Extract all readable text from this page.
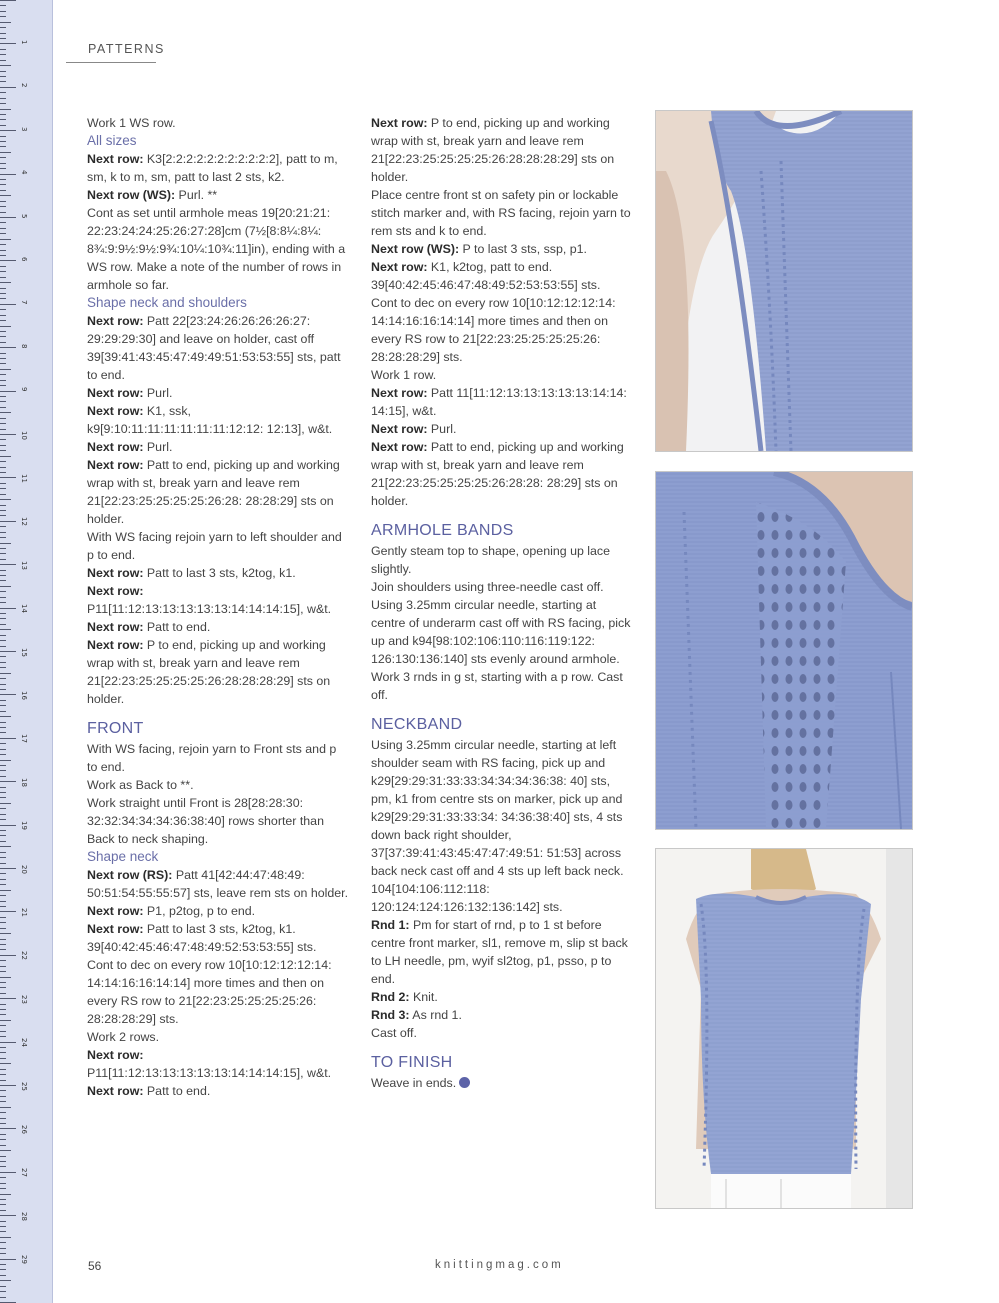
1
2
3
4
5
6
7
8
9
10
11
12
13
14
15
16
17
18
19
20
21
22
23
24
25
26
27
28
29
PATTERNS

Work 1 WS row.

All sizes

Next row: K3[2:2:2:2:2:2:2:2:2:2:2], patt to m, sm, k to m, sm, patt to last 2 sts, k2.

Next row (WS): Purl. **

Cont as set until armhole meas 19[20:21:21: 22:23:24:24:25:26:27:28]cm (7½[8:8¼:8¼: 8¾:9:9½:9½:9¾:10¼:10¾:11]in), ending with a WS row. Make a note of the number of rows in armhole so far.

Shape neck and shoulders

Next row: Patt 22[23:24:26:26:26:26:27: 29:29:29:30] and leave on holder, cast off 39[39:41:43:45:47:49:49:51:53:53:55] sts, patt to end.

Next row: Purl.

Next row: K1, ssk, k9[9:10:11:11:11:11:11:11:12:12: 12:13], w&t.

Next row: Purl.

Next row: Patt to end, picking up and working wrap with st, break yarn and leave rem 21[22:23:25:25:25:25:26:28: 28:28:29] sts on holder.

With WS facing rejoin yarn to left shoulder and p to end.

Next row: Patt to last 3 sts, k2tog, k1.

Next row: P11[11:12:13:13:13:13:13:14:14:14:15], w&t.

Next row: Patt to end.

Next row: P to end, picking up and working wrap with st, break yarn and leave rem 21[22:23:25:25:25:25:26:28:28:28:29] sts on holder.

FRONT

With WS facing, rejoin yarn to Front sts and p to end.

Work as Back to **.

Work straight until Front is 28[28:28:30: 32:32:34:34:34:36:38:40] rows shorter than Back to neck shaping.

Shape neck

Next row (RS): Patt 41[42:44:47:48:49: 50:51:54:55:55:57] sts, leave rem sts on holder.

Next row: P1, p2tog, p to end.

Next row: Patt to last 3 sts, k2tog, k1. 39[40:42:45:46:47:48:49:52:53:53:55] sts.

Cont to dec on every row 10[10:12:12:12:14: 14:14:16:16:14:14] more times and then on every RS row to 21[22:23:25:25:25:25:26: 28:28:28:29] sts.

Work 2 rows.

Next row: P11[11:12:13:13:13:13:13:14:14:14:15], w&t.

Next row: Patt to end.

Next row: P to end, picking up and working wrap with st, break yarn and leave rem 21[22:23:25:25:25:25:26:28:28:28:29] sts on holder.

Place centre front st on safety pin or lockable stitch marker and, with RS facing, rejoin yarn to rem sts and k to end.

Next row (WS): P to last 3 sts, ssp, p1.

Next row: K1, k2tog, patt to end. 39[40:42:45:46:47:48:49:52:53:53:55] sts.

Cont to dec on every row 10[10:12:12:12:14: 14:14:16:16:14:14] more times and then on every RS row to 21[22:23:25:25:25:25:26: 28:28:28:29] sts.

Work 1 row.

Next row: Patt 11[11:12:13:13:13:13:13:14:14: 14:15], w&t.

Next row: Purl.

Next row: Patt to end, picking up and working wrap with st, break yarn and leave rem 21[22:23:25:25:25:25:26:28:28: 28:29] sts on holder.

ARMHOLE BANDS

Gently steam top to shape, opening up lace slightly.

Join shoulders using three-needle cast off.

Using 3.25mm circular needle, starting at centre of underarm cast off with RS facing, pick up and k94[98:102:106:110:116:119:122: 126:130:136:140] sts evenly around armhole.

Work 3 rnds in g st, starting with a p row. Cast off.

NECKBAND

Using 3.25mm circular needle, starting at left shoulder seam with RS facing, pick up and k29[29:29:31:33:33:34:34:34:36:38: 40] sts, pm, k1 from centre sts on marker, pick up and k29[29:29:31:33:33:34: 34:36:38:40] sts, 4 sts down back right shoulder, 37[37:39:41:43:45:47:47:49:51: 51:53] across back neck cast off and 4 sts up left back neck. 104[104:106:112:118: 120:124:124:126:132:136:142] sts.

Rnd 1: Pm for start of rnd, p to 1 st before centre front marker, sl1, remove m, slip st back to LH needle, pm, wyif sl2tog, p1, psso, p to end.

Rnd 2: Knit.

Rnd 3: As rnd 1.

Cast off.

TO FINISH

Weave in ends.

56	knittingmag.com
